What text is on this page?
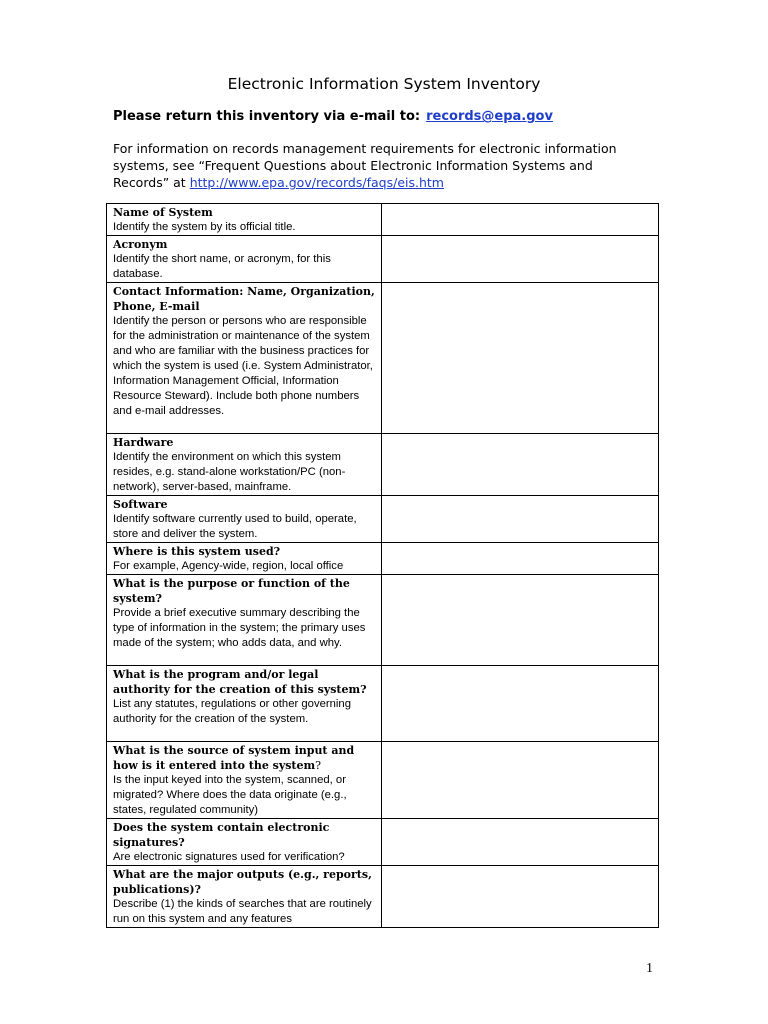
Electronic Information System Inventory
Please return this inventory via e-mail to: records@epa.gov
For information on records management requirements for electronic information systems, see “Frequent Questions about Electronic Information Systems and Records” at http://www.epa.gov/records/faqs/eis.htm
Name of System
Identify the system by its official title.	

Acronym
Identify the short name, or acronym, for this database.	

Contact Information: Name, Organization, Phone, E-mail
Identify the person or persons who are responsible for the administration or maintenance of the system and who are familiar with the business practices for which the system is used (i.e. System Administrator, Information Management Official, Information Resource Steward). Include both phone numbers and e-mail addresses.	

Hardware
Identify the environment on which this system resides, e.g. stand-alone workstation/PC (non-network), server-based, mainframe.	

Software
Identify software currently used to build, operate, store and deliver the system.	

Where is this system used?
For example, Agency-wide, region, local office	

What is the purpose or function of the system?
Provide a brief executive summary describing the type of information in the system; the primary uses made of the system; who adds data, and why.	

What is the program and/or legal authority for the creation of this system?
List any statutes, regulations or other governing authority for the creation of the system.	

What is the source of system input and how is it entered into the system?
Is the input keyed into the system, scanned, or migrated? Where does the data originate (e.g., states, regulated community)	

Does the system contain electronic signatures?
Are electronic signatures used for verification?	

What are the major outputs (e.g., reports, publications)?
Describe (1) the kinds of searches that are routinely run on this system and any features	

1
